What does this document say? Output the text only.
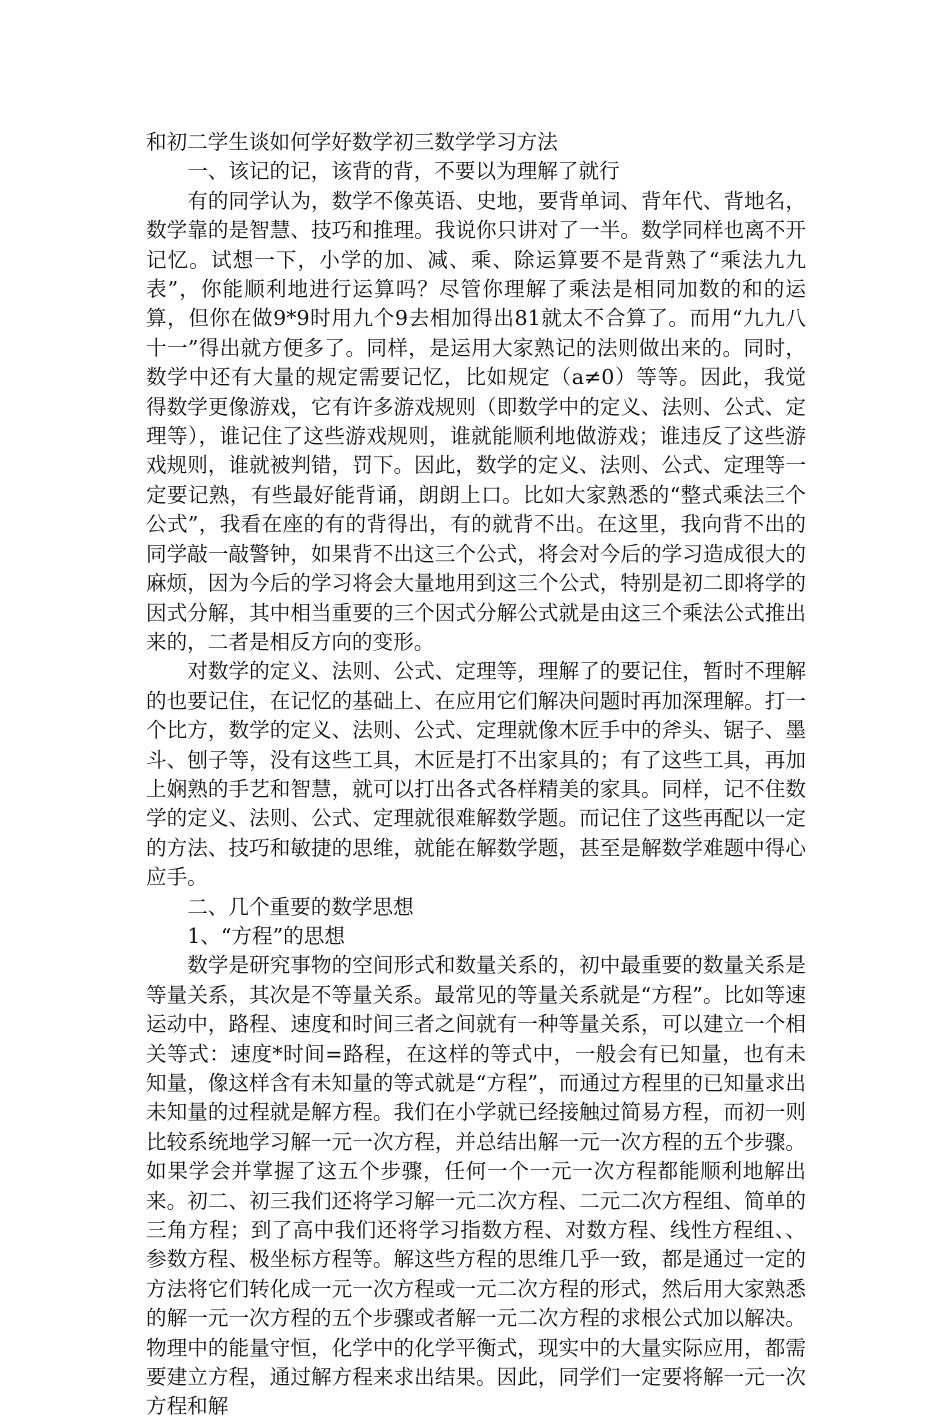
和初二学生谈如何学好数学初三数学学习方法

一、该记的记，该背的背，不要以为理解了就行

有的同学认为，数学不像英语、史地，要背单词、背年代、背地名，数学靠的是智慧、技巧和推理。我说你只讲对了一半。数学同样也离不开记忆。试想一下，小学的加、减、乘、除运算要不是背熟了“乘法九九表”，你能顺利地进行运算吗？尽管你理解了乘法是相同加数的和的运算，但你在做9*9时用九个9去相加得出81就太不合算了。而用“九九八十一”得出就方便多了。同样，是运用大家熟记的法则做出来的。同时，数学中还有大量的规定需要记忆，比如规定（a≠0）等等。因此，我觉得数学更像游戏，它有许多游戏规则（即数学中的定义、法则、公式、定理等），谁记住了这些游戏规则，谁就能顺利地做游戏；谁违反了这些游戏规则，谁就被判错，罚下。因此，数学的定义、法则、公式、定理等一定要记熟，有些最好能背诵，朗朗上口。比如大家熟悉的“整式乘法三个公式”，我看在座的有的背得出，有的就背不出。在这里，我向背不出的同学敲一敲警钟，如果背不出这三个公式，将会对今后的学习造成很大的麻烦，因为今后的学习将会大量地用到这三个公式，特别是初二即将学的因式分解，其中相当重要的三个因式分解公式就是由这三个乘法公式推出来的，二者是相反方向的变形。

对数学的定义、法则、公式、定理等，理解了的要记住，暂时不理解的也要记住，在记忆的基础上、在应用它们解决问题时再加深理解。打一个比方，数学的定义、法则、公式、定理就像木匠手中的斧头、锯子、墨斗、刨子等，没有这些工具，木匠是打不出家具的；有了这些工具，再加上娴熟的手艺和智慧，就可以打出各式各样精美的家具。同样，记不住数学的定义、法则、公式、定理就很难解数学题。而记住了这些再配以一定的方法、技巧和敏捷的思维，就能在解数学题，甚至是解数学难题中得心应手。

二、几个重要的数学思想

1、“方程”的思想

数学是研究事物的空间形式和数量关系的，初中最重要的数量关系是等量关系，其次是不等量关系。最常见的等量关系就是“方程”。比如等速运动中，路程、速度和时间三者之间就有一种等量关系，可以建立一个相关等式：速度*时间=路程，在这样的等式中，一般会有已知量，也有未知量，像这样含有未知量的等式就是“方程”，而通过方程里的已知量求出未知量的过程就是解方程。我们在小学就已经接触过简易方程，而初一则比较系统地学习解一元一次方程，并总结出解一元一次方程的五个步骤。如果学会并掌握了这五个步骤，任何一个一元一次方程都能顺利地解出来。初二、初三我们还将学习解一元二次方程、二元二次方程组、简单的三角方程；到了高中我们还将学习指数方程、对数方程、线性方程组、、参数方程、极坐标方程等。解这些方程的思维几乎一致，都是通过一定的方法将它们转化成一元一次方程或一元二次方程的形式，然后用大家熟悉的解一元一次方程的五个步骤或者解一元二次方程的求根公式加以解决。物理中的能量守恒，化学中的化学平衡式，现实中的大量实际应用，都需要建立方程，通过解方程来求出结果。因此，同学们一定要将解一元一次方程和解
